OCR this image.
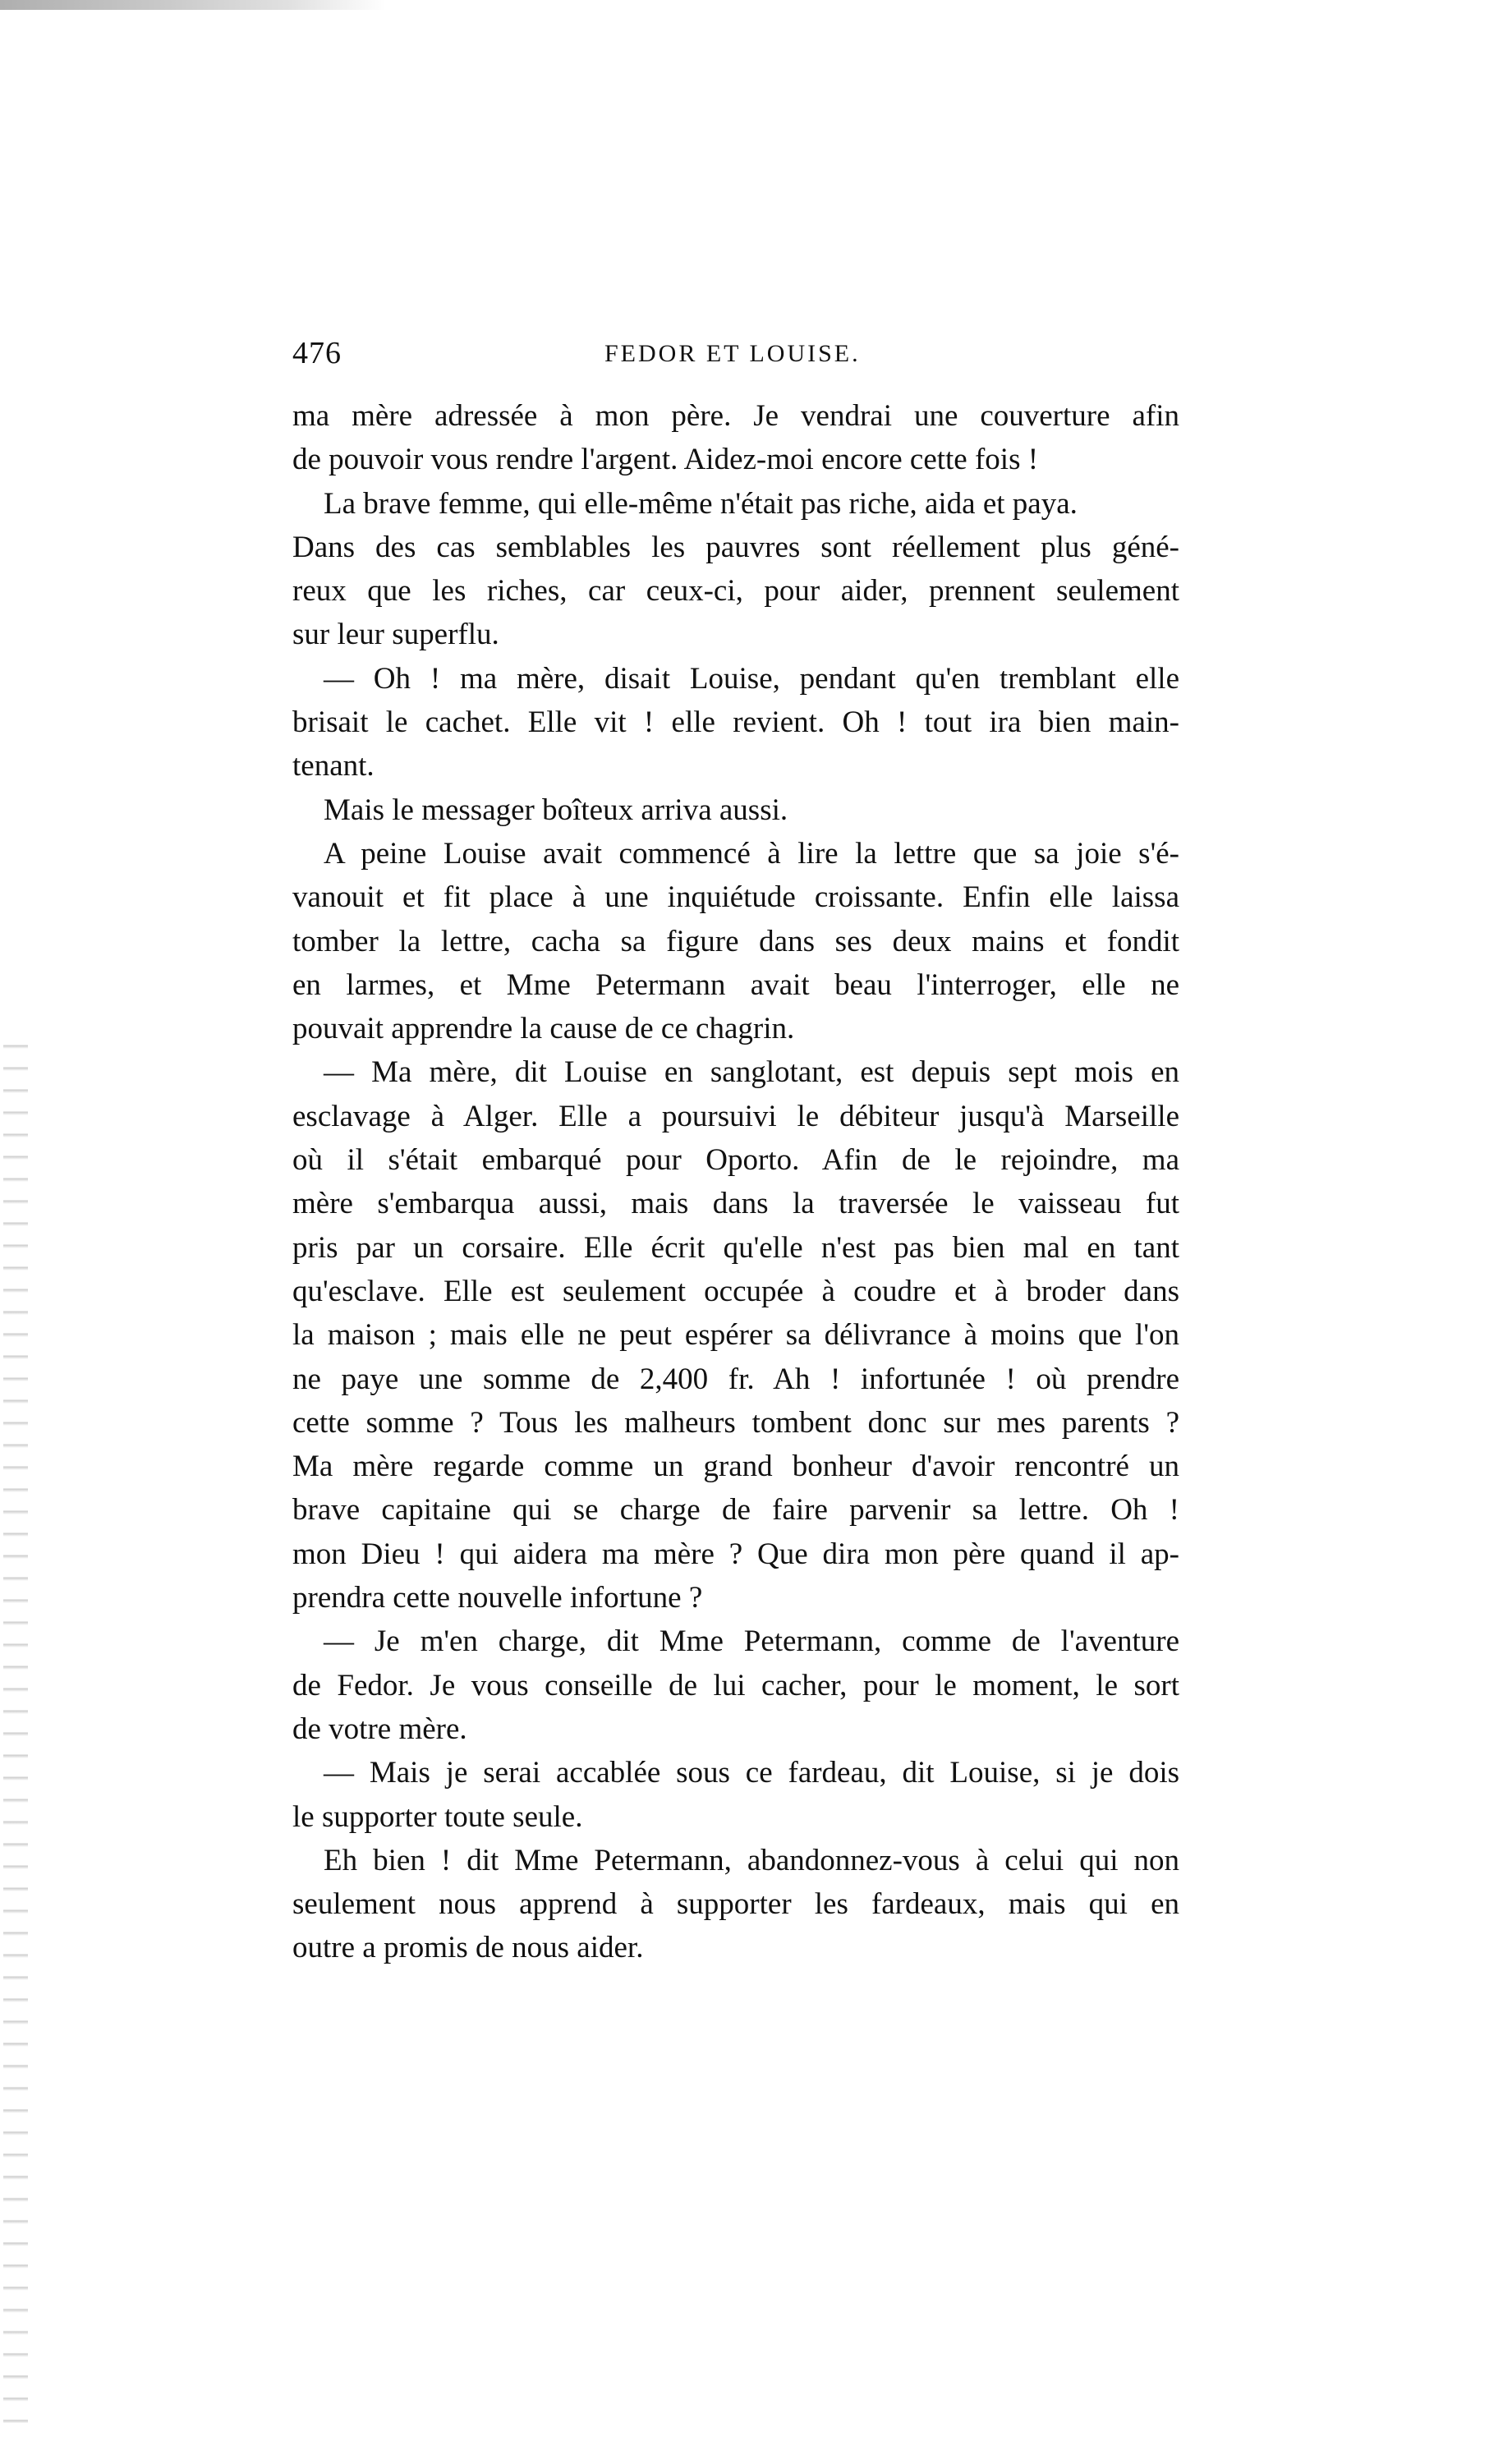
476	FEDOR ET LOUISE.
ma mère adressée à mon père. Je vendrai une couverture afin
de pouvoir vous rendre l'argent. Aidez-moi encore cette fois !
La brave femme, qui elle-même n'était pas riche, aida et paya.
Dans des cas semblables les pauvres sont réellement plus géné-
reux que les riches, car ceux-ci, pour aider, prennent seulement
sur leur superflu.
— Oh ! ma mère, disait Louise, pendant qu'en tremblant elle
brisait le cachet. Elle vit ! elle revient. Oh ! tout ira bien main-
tenant.
Mais le messager boîteux arriva aussi.
A peine Louise avait commencé à lire la lettre que sa joie s'é-
vanouit et fit place à une inquiétude croissante. Enfin elle laissa
tomber la lettre, cacha sa figure dans ses deux mains et fondit
en larmes, et Mme Petermann avait beau l'interroger, elle ne
pouvait apprendre la cause de ce chagrin.
— Ma mère, dit Louise en sanglotant, est depuis sept mois en
esclavage à Alger. Elle a poursuivi le débiteur jusqu'à Marseille
où il s'était embarqué pour Oporto. Afin de le rejoindre, ma
mère s'embarqua aussi, mais dans la traversée le vaisseau fut
pris par un corsaire. Elle écrit qu'elle n'est pas bien mal en tant
qu'esclave. Elle est seulement occupée à coudre et à broder dans
la maison ; mais elle ne peut espérer sa délivrance à moins que l'on
ne paye une somme de 2,400 fr. Ah ! infortunée ! où prendre
cette somme ? Tous les malheurs tombent donc sur mes parents ?
Ma mère regarde comme un grand bonheur d'avoir rencontré un
brave capitaine qui se charge de faire parvenir sa lettre. Oh !
mon Dieu ! qui aidera ma mère ? Que dira mon père quand il ap-
prendra cette nouvelle infortune ?
— Je m'en charge, dit Mme Petermann, comme de l'aventure
de Fedor. Je vous conseille de lui cacher, pour le moment, le sort
de votre mère.
— Mais je serai accablée sous ce fardeau, dit Louise, si je dois
le supporter toute seule.
Eh bien ! dit Mme Petermann, abandonnez-vous à celui qui non
seulement nous apprend à supporter les fardeaux, mais qui en
outre a promis de nous aider.
